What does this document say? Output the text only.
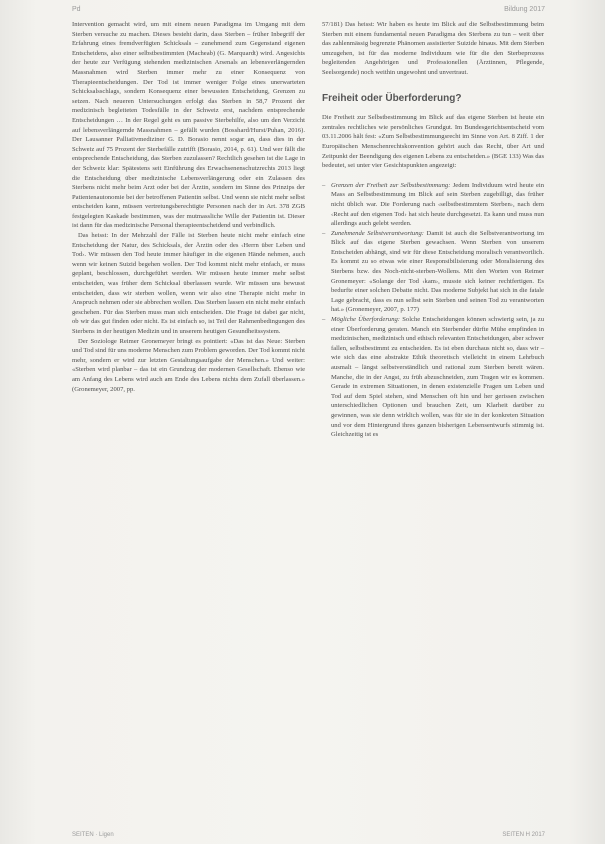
Pd	Bildung 2017

Intervention gemacht wird, um mit einem neuen Paradigma im Umgang mit dem Sterben versuche zu machen. Dieses besteht darin, dass Sterben – früher Inbegriff der Erfahrung eines fremdverfügten Schicksals – zunehmend zum Gegenstand eigenen Entscheidens, also einer selbstbestimmten (Macheab) (G. Marquardt) wird. Angesichts der heute zur Verfügung stehenden medizinischen Arsenals an lebensverlängernden Massnahmen wird Sterben immer mehr zu einer Konsequenz von Therapieentscheidungen. Der Tod ist immer weniger Folge eines unerwarteten Schicksalsschlags, sondern Konsequenz einer bewussten Entscheidung, Grenzen zu setzen. Nach neueren Untersuchungen erfolgt das Sterben in 58,7 Prozent der medizinisch begleiteten Todesfälle in der Schweiz erst, nachdem entsprechende Entscheidungen … In der Regel geht es um passive Sterbehilfe, also um den Verzicht auf lebensverlängernde Massnahmen – gefällt wurden (Bosshard/Hurst/Puhan, 2016). Der Lausanner Palliativmediziner G. D. Borasio nennt sogar an, dass dies in der Schweiz auf 75 Prozent der Sterbefälle zutrifft (Borasio, 2014, p. 61). Und wer fällt die entsprechende Entscheidung, das Sterben zuzulassen? Rechtlich gesehen ist die Lage in der Schweiz klar: Spätestens seit Einführung des Erwachsenenschutzrechts 2013 liegt die Entscheidung über medizinische Lebensverlängerung oder ein Zulassen des Sterbens nicht mehr beim Arzt oder bei der Ärztin, sondern im Sinne des Prinzips der Patientenautonomie bei der betroffenen Patientin selbst. Und wenn sie nicht mehr selbst entscheiden kann, müssen vertretungsberechtigte Personen nach der in Art. 378 ZGB festgelegten Kaskade bestimmen, was der mutmassliche Wille der Patientin ist. Dieser ist dann für das medizinische Personal therapieentscheidend und verbindlich.

Das heisst: In der Mehrzahl der Fälle ist Sterben heute nicht mehr einfach eine Entscheidung der Natur, des Schicksals, der Ärztin oder des ‹Herrn über Leben und Tod›. Wir müssen den Tod heute immer häufiger in die eigenen Hände nehmen, auch wenn wir keinen Suizid begehen wollen. Der Tod kommt nicht mehr einfach, er muss geplant, beschlossen, durchgeführt werden. Wir müssen heute immer mehr selbst entscheiden, was früher dem Schicksal überlassen wurde. Wir müssen uns bewusst entscheiden, dass wir sterben wollen, wenn wir also eine Therapie nicht mehr in Anspruch nehmen oder sie abbrechen wollen. Das Sterben lassen ein nicht mehr einfach geschehen. Für das Sterben muss man sich entscheiden. Die Frage ist dabei gar nicht, ob wir das gut finden oder nicht. Es ist einfach so, ist Teil der Rahmenbedingungen des Sterbens in der heutigen Medizin und in unserem heutigen Gesundheitssystem.

Der Soziologe Reimer Gronemeyer bringt es pointiert: «Das ist das Neue: Sterben und Tod sind für uns moderne Menschen zum Problem geworden. Der Tod kommt nicht mehr, sondern er wird zur letzten Gestaltungsaufgabe der Menschen.» Und weiter: «Sterben wird planbar – das ist ein Grundzug der modernen Gesellschaft. Ebenso wie am Anfang des Lebens wird auch am Ende des Lebens nichts dem Zufall überlassen.» (Gronemeyer, 2007, pp.

57/181) Das heisst: Wir haben es heute im Blick auf die Selbstbestimmung beim Sterben mit einem fundamental neuen Paradigma des Sterbens zu tun – weit über das zahlenmässig begrenzte Phänomen assistierter Suizide hinaus. Mit dem Sterben umzugehen, ist für das moderne Individuum wie für die den Sterbeprozess begleitenden Angehörigen und Professionellen (Ärztinnen, Pflegende, Seelsorgende) noch weithin ungewohnt und unvertraut.

Freiheit oder Überforderung?

Die Freiheit zur Selbstbestimmung im Blick auf das eigene Sterben ist heute ein zentrales rechtliches wie persönliches Grundgut. Im Bundesgerichtsentscheid vom 03.11.2006 hält fest: «Zum Selbstbestimmungsrecht im Sinne von Art. 8 Ziff. 1 der Europäischen Menschenrechtskonvention gehört auch das Recht, über Art und Zeitpunkt der Beendigung des eigenen Lebens zu entscheiden.» (BGE 133) Was das bedeutet, sei unter vier Gesichtspunkten angezeigt:

– Grenzen der Freiheit zur Selbstbestimmung: Jedem Individuum wird heute ein Mass an Selbstbestimmung im Blick auf sein Sterben zugebilligt, das früher nicht üblich war. Die Forderung nach ‹selbstbestimmtem Sterben›, nach dem ‹Recht auf den eigenen Tod› hat sich heute durchgesetzt. Es kann und muss nun allerdings auch gelebt werden.
– Zunehmende Selbstverantwortung: Damit ist auch die Selbstverantwortung im Blick auf das eigene Sterben gewachsen. Wenn Sterben von unserem Entscheiden abhängt, sind wir für diese Entscheidung moralisch verantwortlich. Es kommt zu so etwas wie einer Responsibilisierung oder Moralisierung des Sterbens bzw. des Noch-nicht-sterben-Wollens. Mit den Worten von Reimer Gronemeyer: «Solange der Tod ‹kam›, musste sich keiner rechtfertigen. Es bedurfte einer solchen Debatte nicht. Das moderne Subjekt hat sich in die fatale Lage gebracht, dass es nun selbst sein Sterben und seinen Tod zu verantworten hat.» (Gronemeyer, 2007, p. 177)
– Mögliche Überforderung: Solche Entscheidungen können schwierig sein, ja zu einer Überforderung geraten. Manch ein Sterbender dürfte Mühe empfinden in medizinischen, medizinisch und ethisch relevanten Entscheidungen, aber schwer fallen, selbstbestimmt zu entscheiden. Es ist eben durchaus nicht so, dass wir – wie sich das eine abstrakte Ethik theoretisch vielleicht in einem Lehrbuch ausmalt – längst selbstverständlich und rational zum Sterben bereit wären. Manche, die in der Angst, zu früh abzuschneiden, zum Tragen wir es kommen. Gerade in extremen Situationen, in denen existenzielle Fragen um Leben und Tod auf dem Spiel stehen, sind Menschen oft hin und her gerissen zwischen unterschiedlichen Optionen und brauchen Zeit, um Klarheit darüber zu gewinnen, was sie denn wirklich wollen, was für sie in der konkreten Situation und vor dem Hintergrund ihres ganzen bisherigen Lebensentwurfs stimmig ist. Gleichzeitig ist es
SEITEN · Ligen	SEITEN H 2017
